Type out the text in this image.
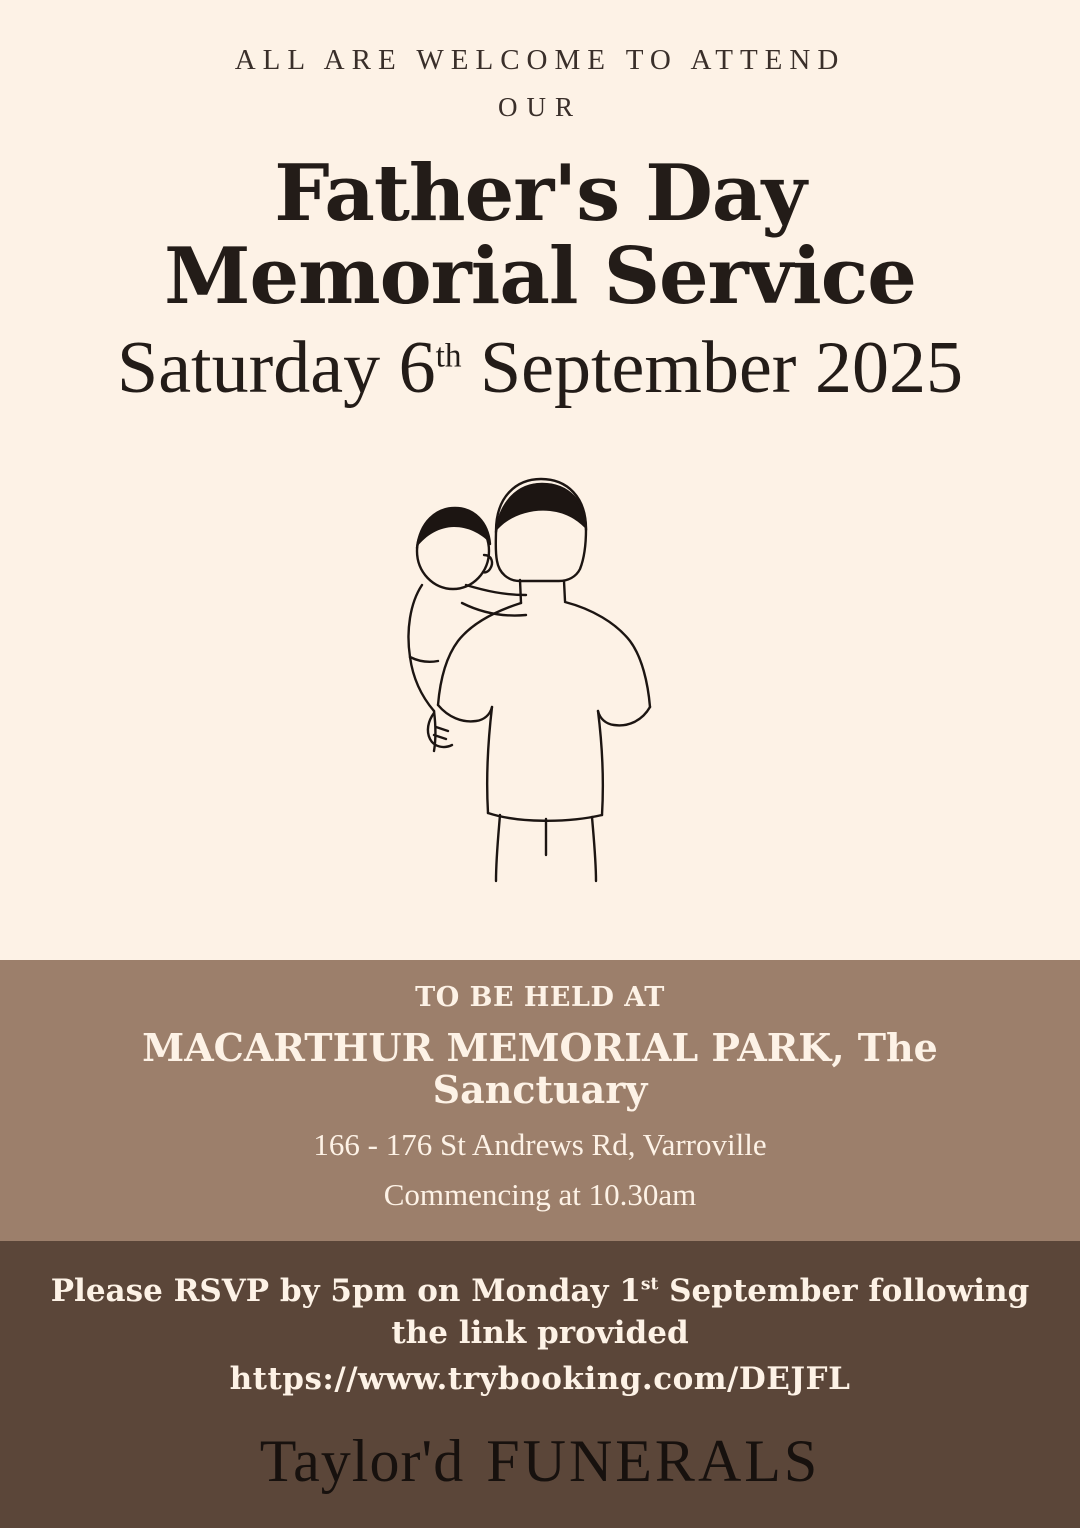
ALL ARE WELCOME TO ATTEND
OUR
Father's Day
Memorial Service
Saturday 6th September 2025
TO BE HELD AT
MACARTHUR MEMORIAL PARK, The Sanctuary
166 - 176 St Andrews Rd, Varroville
Commencing at 10.30am
Please RSVP by 5pm on Monday 1st September following the link provided
https://www.trybooking.com/DEJFL
Taylor'd FUNERALS
